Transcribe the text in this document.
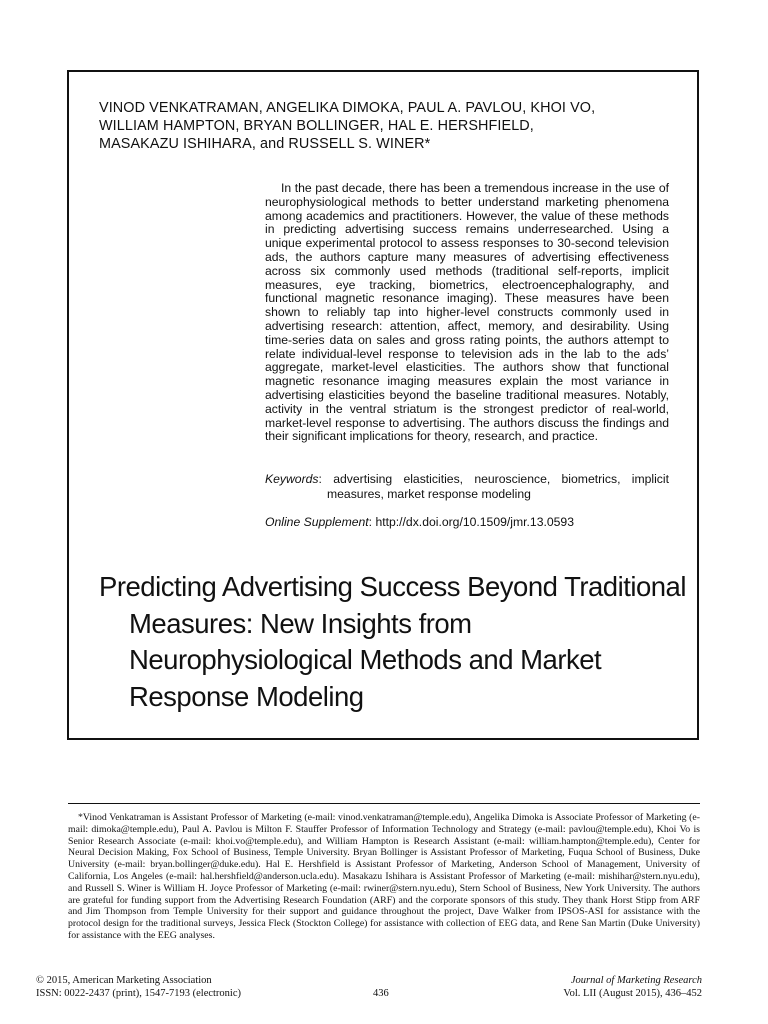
VINOD VENKATRAMAN, ANGELIKA DIMOKA, PAUL A. PAVLOU, KHOI VO,
WILLIAM HAMPTON, BRYAN BOLLINGER, HAL E. HERSHFIELD,
MASAKAZU ISHIHARA, and RUSSELL S. WINER*

In the past decade, there has been a tremendous increase in the use of neurophysiological methods to better understand marketing phenomena among academics and practitioners. However, the value of these methods in predicting advertising success remains underresearched. Using a unique experimental protocol to assess responses to 30-second television ads, the authors capture many measures of advertising effectiveness across six commonly used methods (traditional self-reports, implicit measures, eye tracking, biometrics, electroencephalography, and functional magnetic resonance imaging). These measures have been shown to reliably tap into higher-level constructs commonly used in advertising research: attention, affect, memory, and desirability. Using time-series data on sales and gross rating points, the authors attempt to relate individual-level response to television ads in the lab to the ads’ aggregate, market-level elasticities. The authors show that functional magnetic resonance imaging measures explain the most variance in advertising elasticities beyond the baseline traditional measures. Notably, activity in the ventral striatum is the strongest predictor of real-world, market-level response to advertising. The authors discuss the findings and their significant implications for theory, research, and practice.

Keywords: advertising elasticities, neuroscience, biometrics, implicit measures, market response modeling

Online Supplement: http://dx.doi.org/10.1509/jmr.13.0593

Predicting Advertising Success Beyond Traditional Measures: New Insights from Neurophysiological Methods and Market Response Modeling

*Vinod Venkatraman is Assistant Professor of Marketing (e-mail: vinod.venkatraman@temple.edu), Angelika Dimoka is Associate Professor of Marketing (e-mail: dimoka@temple.edu), Paul A. Pavlou is Milton F. Stauffer Professor of Information Technology and Strategy (e-mail: pavlou@temple.edu), Khoi Vo is Senior Research Associate (e-mail: khoi.vo@temple.edu), and William Hampton is Research Assistant (e-mail: william.hampton@temple.edu), Center for Neural Decision Making, Fox School of Business, Temple University. Bryan Bollinger is Assistant Professor of Marketing, Fuqua School of Business, Duke University (e-mail: bryan.bollinger@duke.edu). Hal E. Hershfield is Assistant Professor of Marketing, Anderson School of Management, University of California, Los Angeles (e-mail: hal.hershfield@anderson.ucla.edu). Masakazu Ishihara is Assistant Professor of Marketing (e-mail: mishihar@stern.nyu.edu), and Russell S. Winer is William H. Joyce Professor of Marketing (e-mail: rwiner@stern.nyu.edu), Stern School of Business, New York University. The authors are grateful for funding support from the Advertising Research Foundation (ARF) and the corporate sponsors of this study. They thank Horst Stipp from ARF and Jim Thompson from Temple University for their support and guidance throughout the project, Dave Walker from IPSOS-ASI for assistance with the protocol design for the traditional surveys, Jessica Fleck (Stockton College) for assistance with collection of EEG data, and Rene San Martin (Duke University) for assistance with the EEG analyses.

© 2015, American Marketing Association
ISSN: 0022-2437 (print), 1547-7193 (electronic)	436
Journal of Marketing Research
Vol. LII (August 2015), 436–452
